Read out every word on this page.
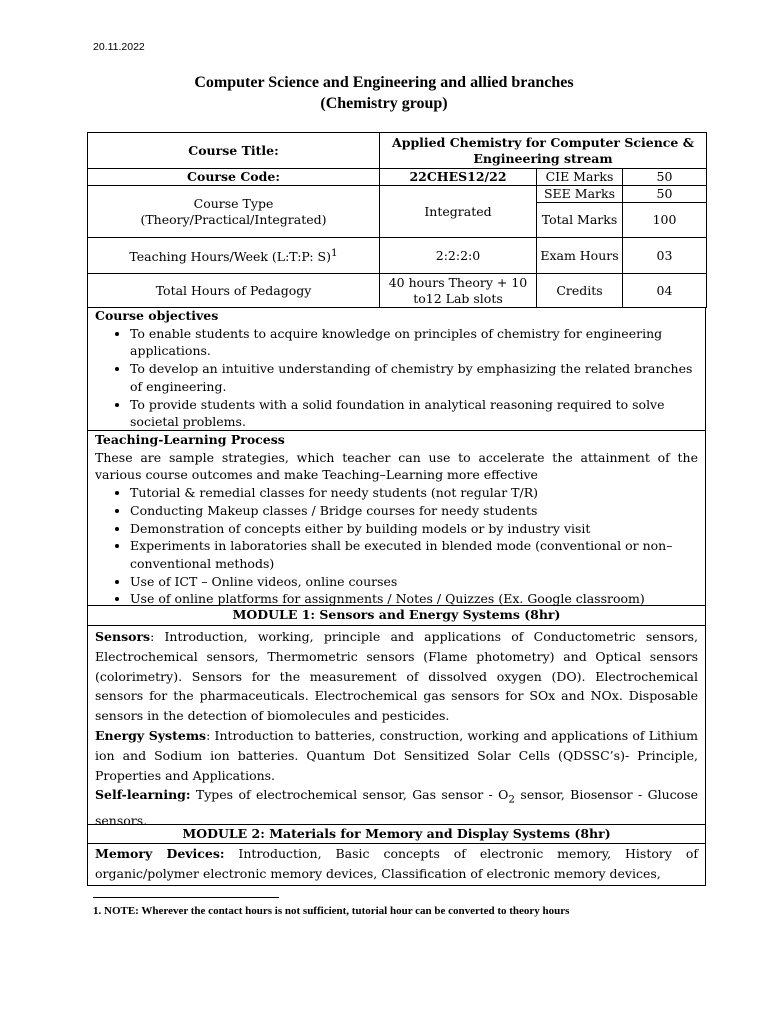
20.11.2022
Computer Science and Engineering and allied branches
(Chemistry group)
Course Title:	Applied Chemistry for Computer Science & Engineering stream		
Course Code:	22CHES12/22	CIE Marks	50
Course Type
(Theory/Practical/Integrated)	Integrated	SEE Marks	50
		Total Marks	100
Teaching Hours/Week (L:T:P: S)$^1$	2:2:2:0	Exam Hours	03
Total Hours of Pedagogy	40 hours Theory + 10 to12 Lab slots	Credits	04
Course objectives
• To enable students to acquire knowledge on principles of chemistry for engineering applications.
• To develop an intuitive understanding of chemistry by emphasizing the related branches of engineering.
• To provide students with a solid foundation in analytical reasoning required to solve societal problems.
Teaching-Learning Process
These are sample strategies, which teacher can use to accelerate the attainment of the various course outcomes and make Teaching–Learning more effective
• Tutorial & remedial classes for needy students (not regular T/R)
• Conducting Makeup classes / Bridge courses for needy students
• Demonstration of concepts either by building models or by industry visit
• Experiments in laboratories shall be executed in blended mode (conventional or non–conventional methods)
• Use of ICT – Online videos, online courses
• Use of online platforms for assignments / Notes / Quizzes (Ex. Google classroom)
MODULE 1: Sensors and Energy Systems (8hr)

Sensors: Introduction, working, principle and applications of Conductometric sensors, Electrochemical sensors, Thermometric sensors (Flame photometry) and Optical sensors (colorimetry). Sensors for the measurement of dissolved oxygen (DO). Electrochemical sensors for the pharmaceuticals. Electrochemical gas sensors for SOx and NOx. Disposable sensors in the detection of biomolecules and pesticides.

Energy Systems: Introduction to batteries, construction, working and applications of Lithium ion and Sodium ion batteries. Quantum Dot Sensitized Solar Cells (QDSSC’s)- Principle, Properties and Applications.

Self-learning: Types of electrochemical sensor, Gas sensor - $O_2$ sensor, Biosensor - Glucose sensors.

MODULE 2: Materials for Memory and Display Systems (8hr)

Memory Devices: Introduction, Basic concepts of electronic memory, History of organic/polymer electronic memory devices, Classification of electronic memory devices,

1. NOTE: Wherever the contact hours is not sufficient, tutorial hour can be converted to theory hours
